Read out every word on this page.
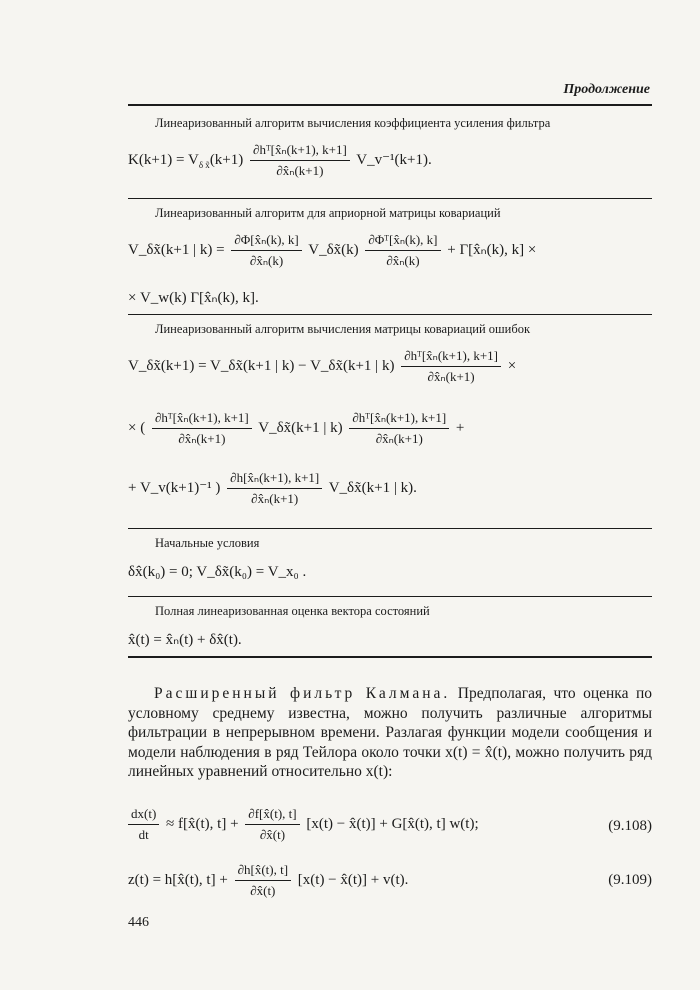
Продолжение
Линеаризованный алгоритм вычисления коэффициента усиления фильтра
$K(k+1) = V_{\delta x̃}(k+1) \frac{\text{∂hᵀ[x̂ₙ(k+1), k+1]}}{\text{∂x̂ₙ(k+1)}}$ V_v⁻¹(k+1).
Линеаризованный алгоритм для априорной матрицы ковариаций
V_δx̃(k+1 | $k) = \frac{\text{∂Φ[x̂ₙ(k), k]}}{\text{∂x̂ₙ(k)}}$ V_δx̃(k) $\frac{\text{∂Φᵀ[x̂ₙ(k), k]}}{\text{∂x̂ₙ(k)}}$ + Γ[x̂ₙ(k), k] ×
× V_w(k) Γ[x̂ₙ(k), k].
Линеаризованный алгоритм вычисления матрицы ковариаций ошибок
V_δx̃(k+1) = V_δx̃(k+1 | k) − V_δx̃(k+1 | $k) \frac{\text{∂hᵀ[x̂ₙ(k+1), k+1]}}{\text{∂x̂ₙ(k+1)}}$ ×
× ( $\frac{\text{∂hᵀ[x̂ₙ(k+1), k+1]}}{\text{∂x̂ₙ(k+1)}}$ V_δx̃(k+1 | $k) \frac{\text{∂hᵀ[x̂ₙ(k+1), k+1]}}{\text{∂x̂ₙ(k+1)}}$ +
+ V_v(k+1)⁻¹ ) $\frac{\text{∂h[x̂ₙ(k+1), k+1]}}{\text{∂x̂ₙ(k+1)}}$ V_δx̃(k+1 | k).
Начальные условия
δx̂(k₀) = 0; V_δx̃(k₀) = V_x₀ .
Полная линеаризованная оценка вектора состояний
x̂(t) = x̂ₙ(t) + δx̂(t).
Расширенный фильтр Калмана. Предполагая, что оценка по условному среднему известна, можно получить различные алгоритмы фильтрации в непрерывном времени. Разлагая функции модели сообщения и модели наблюдения в ряд Тейлора около точки x(t) = x̂(t), можно получить ряд линейных уравнений относительно x(t):
$\frac{dx(t)}{dt}$ ≈ f[x̂(t), $t] + \frac{\partial f[x̂(t), t]}{\partial x̂(t)} [x(t)$ − x̂(t)] + G[x̂(t), t] w(t);	(9.108)
z(t) = h[x̂(t), $t] + \frac{\partial h[x̂(t), t]}{\partial x̂(t)} [x(t)$ − x̂(t)] + v(t).	(9.109)
446
